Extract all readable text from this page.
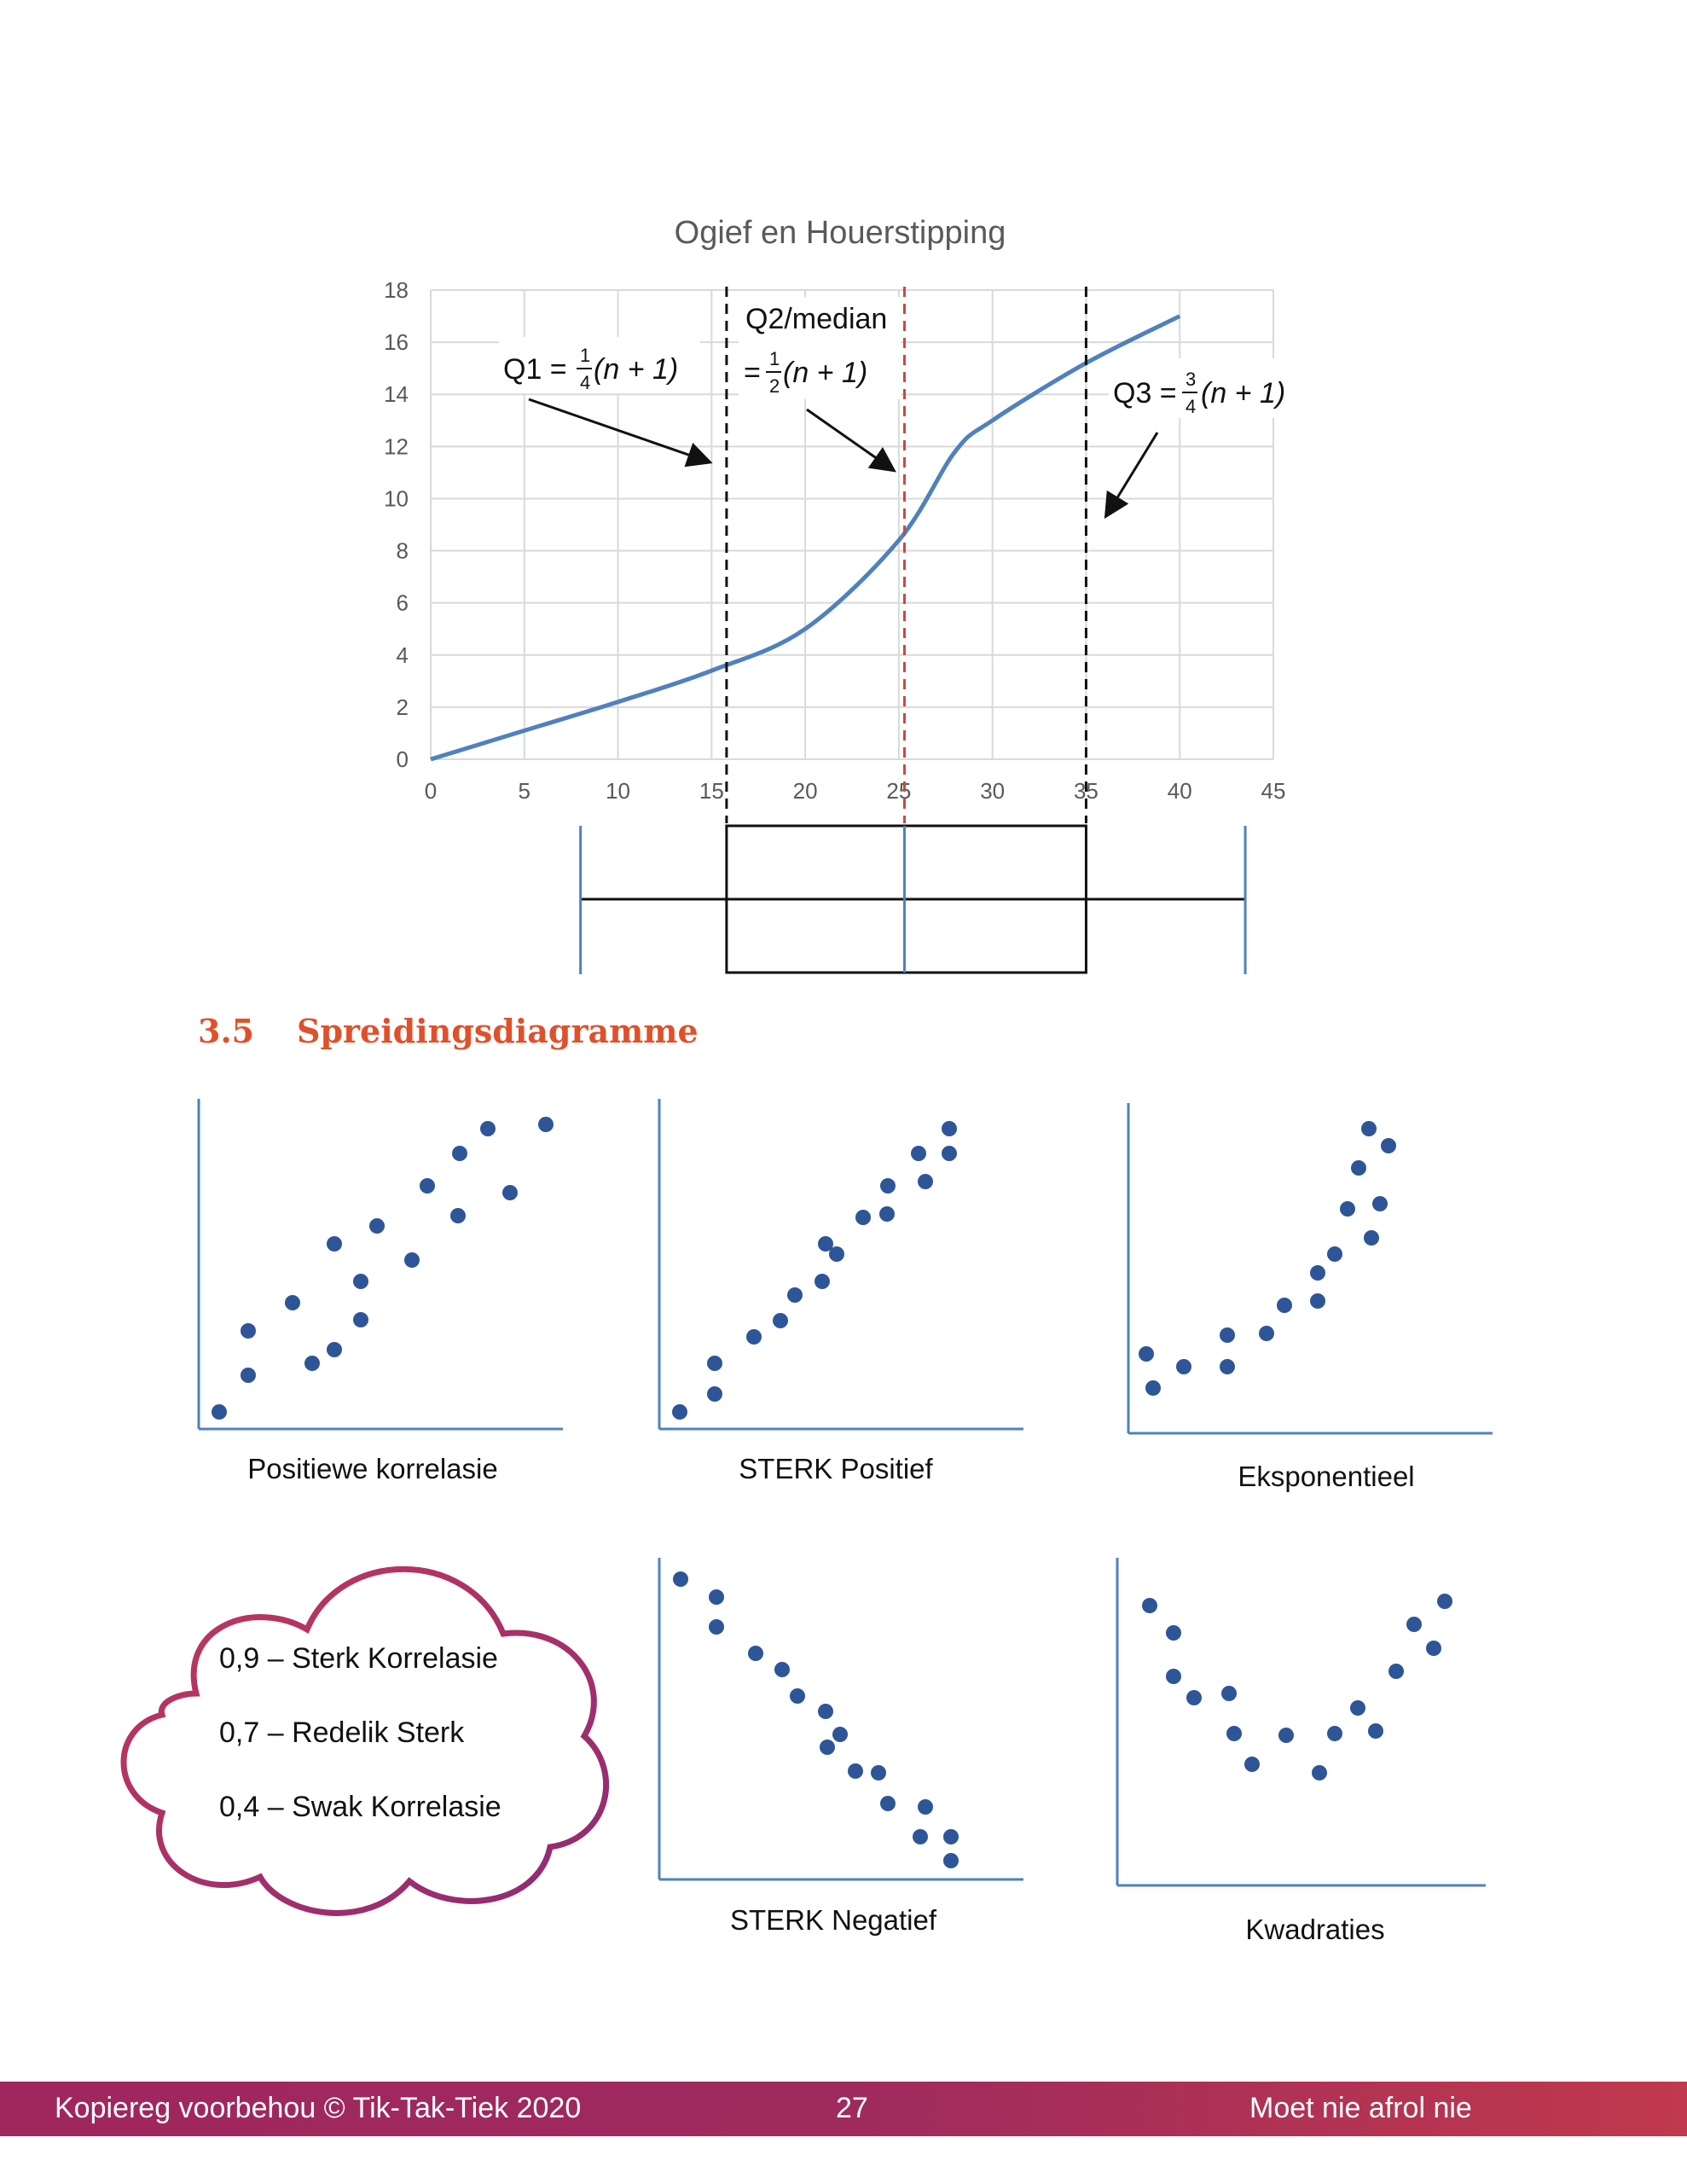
Ogief en Houerstipping
0
2
4
6
8
10
12
14
16
18
0	5	10	15	20	25	30	35	40	45
Q1 = 1
4 (n + 1)
Q2/median
= 1
2 (n + 1)
Q3 = 3
4 (n + 1)
3.5 Spreidingsdiagramme
Positiewe korrelasie	STERK Positief	Eksponentieel
STERK Negatief	Kwadraties
0,9 – Sterk Korrelasie
0,7 – Redelik Sterk
0,4 – Swak Korrelasie
Kopiereg voorbehou © Tik-Tak-Tiek 2020	27	Moet nie afrol nie
